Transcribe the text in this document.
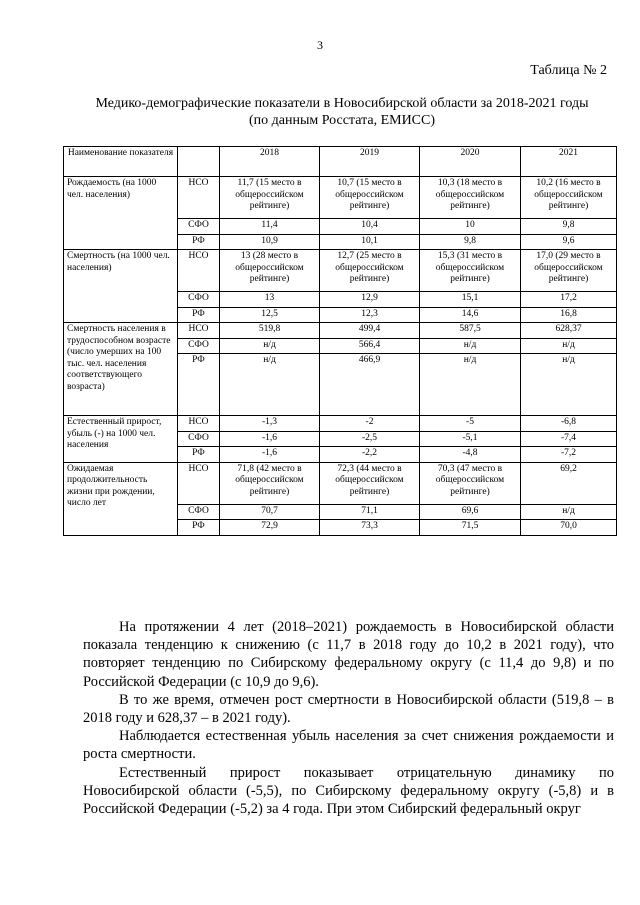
3
Таблица № 2
Медико-демографические показатели в Новосибирской области за 2018-2021 годы
(по данным Росстата, ЕМИСС)
Наименование показателя		2018	2019	2020	2021
Рождаемость (на 1000 чел. населения)	НСО	11,7 (15 место в общероссийском рейтинге)	10,7 (15 место в общероссийском рейтинге)	10,3 (18 место в общероссийском рейтинге)	10,2 (16 место в общероссийском рейтинге)
	СФО	11,4	10,4	10	9,8
	РФ	10,9	10,1	9,8	9,6
Смертность (на 1000 чел. населения)	НСО	13 (28 место в общероссийском рейтинге)	12,7 (25 место в общероссийском рейтинге)	15,3 (31 место в общероссийском рейтинге)	17,0 (29 место в общероссийском рейтинге)
	СФО	13	12,9	15,1	17,2
	РФ	12,5	12,3	14,6	16,8
Смертность населения в трудоспособном возрасте (число умерших на 100 тыс. чел. населения соответствующего возраста)	НСО	519,8	499,4	587,5	628,37
	СФО	н/д	566,4	н/д	н/д
	РФ	н/д	466,9	н/д	н/д
Естественный прирост, убыль (-) на 1000 чел. населения	НСО	-1,3	-2	-5	-6,8
	СФО	-1,6	-2,5	-5,1	-7,4
	РФ	-1,6	-2,2	-4,8	-7,2
Ожидаемая продолжительность жизни при рождении, число лет	НСО	71,8 (42 место в общероссийском рейтинге)	72,3 (44 место в общероссийском рейтинге)	70,3 (47 место в общероссийском рейтинге)	69,2
	СФО	70,7	71,1	69,6	н/д
	РФ	72,9	73,3	71,5	70,0

На протяжении 4 лет (2018–2021) рождаемость в Новосибирской области показала тенденцию к снижению (с 11,7 в 2018 году до 10,2 в 2021 году), что повторяет тенденцию по Сибирскому федеральному округу (с 11,4 до 9,8) и по Российской Федерации (с 10,9 до 9,6).

В то же время, отмечен рост смертности в Новосибирской области (519,8 – в 2018 году и 628,37 – в 2021 году).

Наблюдается естественная убыль населения за счет снижения рождаемости и роста смертности.

Естественный прирост показывает отрицательную динамику по Новосибирской области (-5,5), по Сибирскому федеральному округу (-5,8) и в Российской Федерации (-5,2) за 4 года. При этом Сибирский федеральный округ
